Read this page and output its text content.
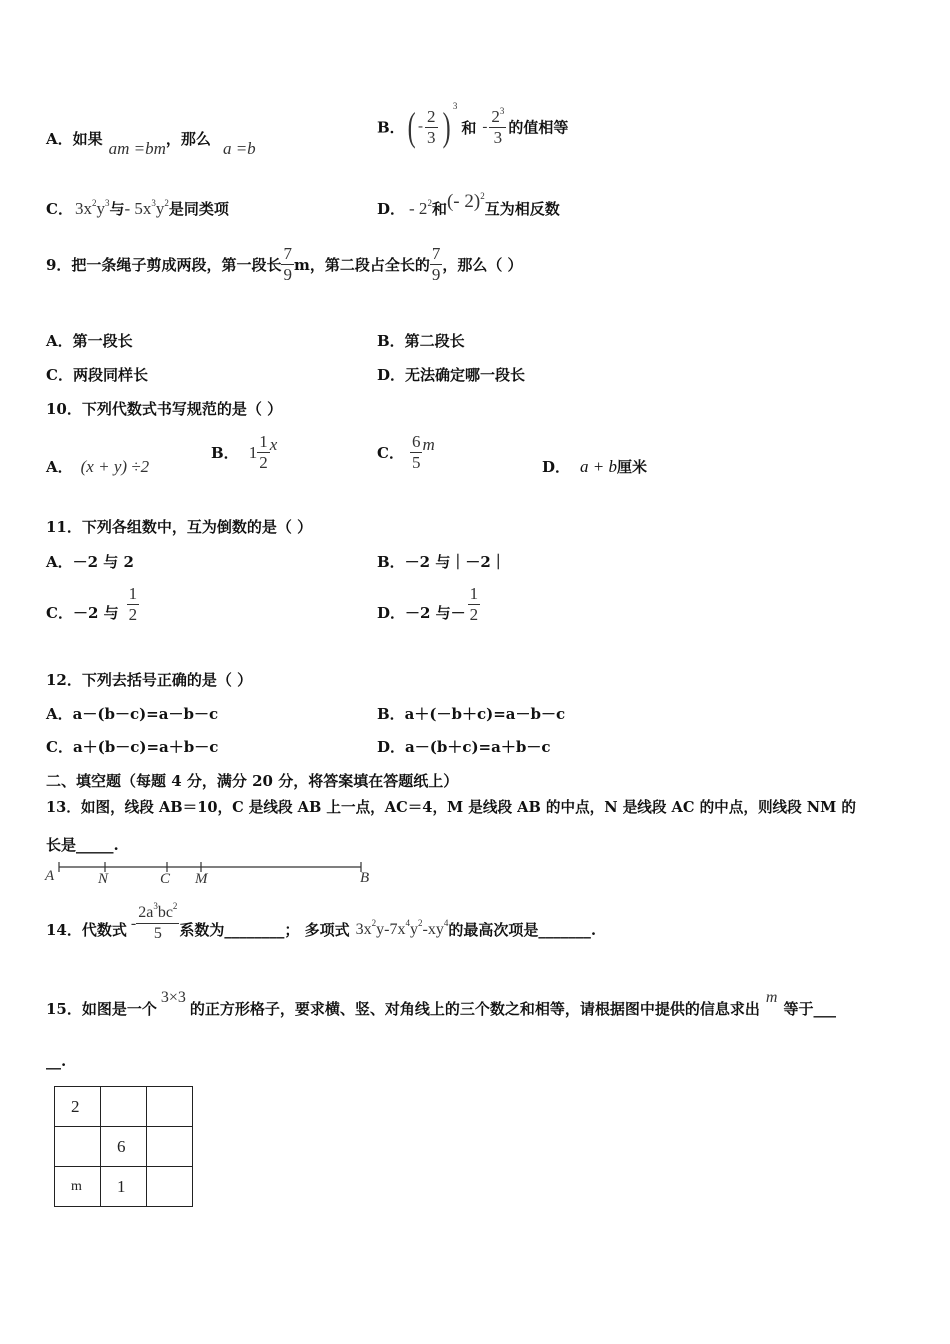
A．如果 am =bm，那么 a =b
B．( - $\frac{2}{3}$ ) $^3$和 - $\frac{2^3}{3}$ 的值相等
C． $3x^2y^3$与- $5x^3y^2$是同类项	D． - $2^2$和(- 2)$^2$互为相反数
9．把一条绳子剪成两段，第一段长 $\frac{7}{9}$ m，第二段占全长的 $\frac{7}{9}$ ，那么（ ）
A．第一段长	B．第二段长
C．两段同样长	D．无法确定哪一段长
10．下列代数式书写规范的是（ ）
A． (x + y) ÷2
B． $1 \frac{1}{2}$ x	C． $\frac{6}{5}$ m
D． a + b厘米
11．下列各组数中，互为倒数的是（ ）
A．－2 与 2	B．－2 与｜－2｜
C．－2 与 $\frac{1}{2}$	D．－2 与－ $\frac{1}{2}$
12．下列去括号正确的是（ ）
A．a－(b－c)=a－b－c	B．a＋(－b＋c)=a－b－c
C．a＋(b－c)=a＋b－c	D．a－(b＋c)=a＋b－c
二、填空题（每题 4 分，满分 20 分，将答案填在答题纸上）
13．如图，线段 AB＝10，C 是线段 AB 上一点，AC＝4，M 是线段 AB 的中点，N 是线段 AC 的中点，则线段 NM 的
长是_____.
A	N	C M	B
14．代数式 - $\frac{2a^3bc^2}{5}$ 系数为________； 多项式 $3x^2y-7x^4y^2-xy^4$的最高次项是_______.
15．如图是一个3×3的正方形格子，要求横、竖、对角线上的三个数之和相等，请根据图中提供的信息求出m等于___
__.
2		
	6	
m	1	
